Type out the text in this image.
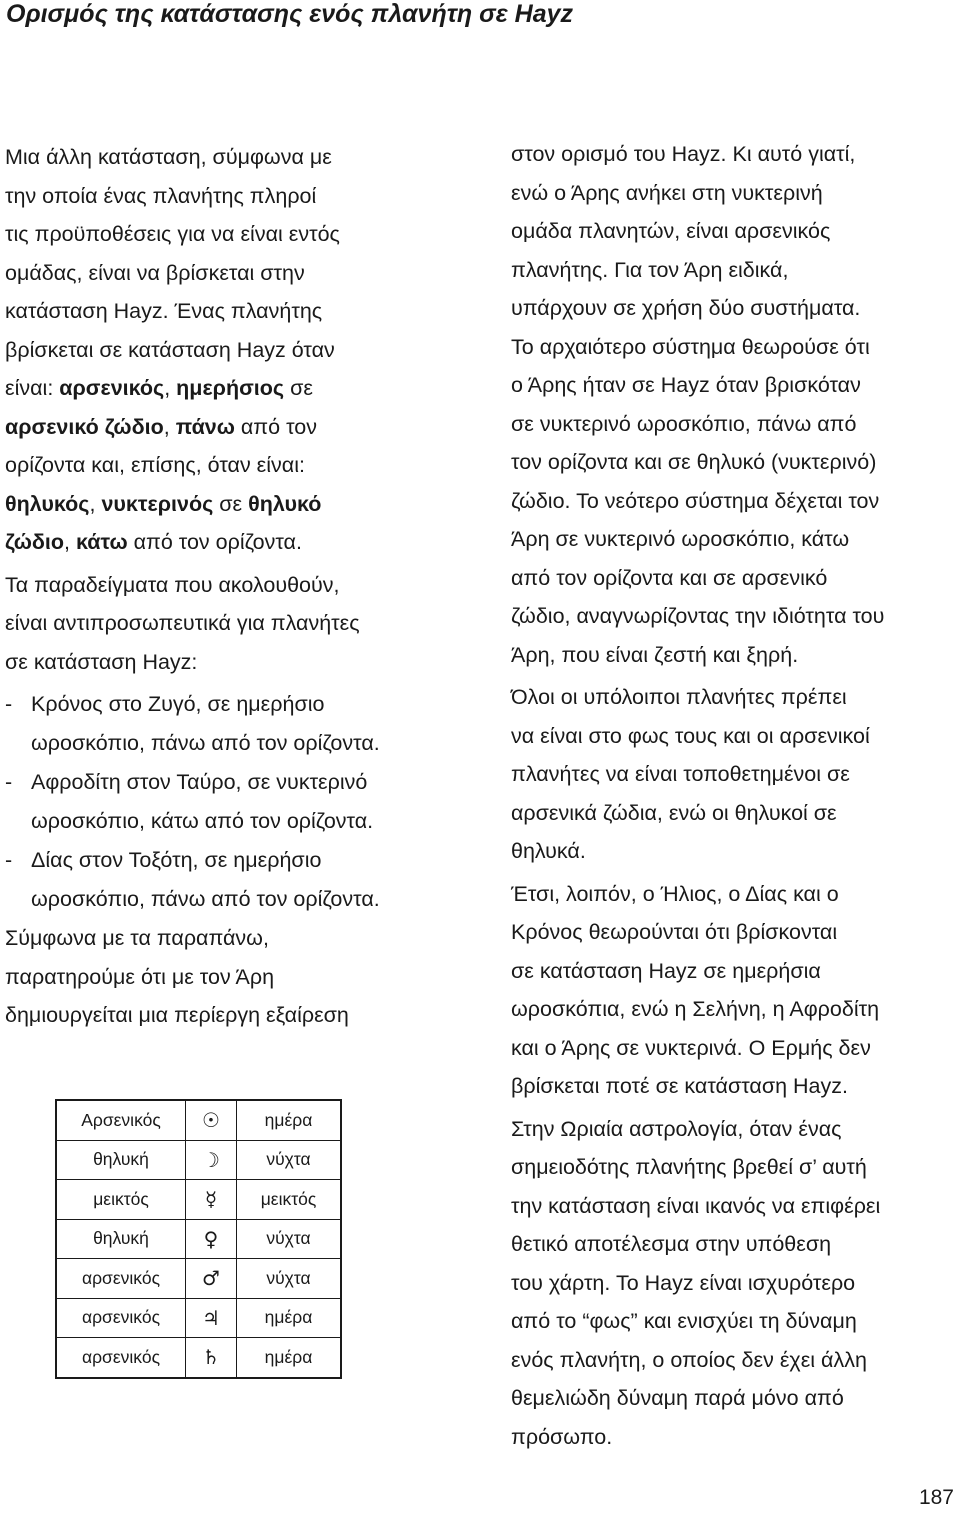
Ορισμός της κατάστασης ενός πλανήτη σε Hayz

Μια άλλη κατάσταση, σύμφωνα με
την οποία ένας πλανήτης πληροί
τις προϋποθέσεις για να είναι εντός
ομάδας, είναι να βρίσκεται στην
κατάσταση Hayz. Ένας πλανήτης
βρίσκεται σε κατάσταση Hayz όταν
είναι: αρσενικός, ημερήσιος σε
αρσενικό ζώδιο, πάνω από τον
ορίζοντα και, επίσης, όταν είναι:
θηλυκός, νυκτερινός σε θηλυκό
ζώδιο, κάτω από τον ορίζοντα.

Τα παραδείγματα που ακολουθούν,
είναι αντιπροσωπευτικά για πλανήτες
σε κατάσταση Hayz:

- Κρόνος στο Ζυγό, σε ημερήσιο
ωροσκόπιο, πάνω από τον ορίζοντα.
- Αφροδίτη στον Ταύρο, σε νυκτερινό
ωροσκόπιο, κάτω από τον ορίζοντα.
- Δίας στον Τοξότη, σε ημερήσιο
ωροσκόπιο, πάνω από τον ορίζοντα.

Σύμφωνα με τα παραπάνω,
παρατηρούμε ότι με τον Άρη
δημιουργείται μια περίεργη εξαίρεση

Αρσενικός	☉	ημέρα
θηλυκή	☽	νύχτα
μεικτός	☿	μεικτός
θηλυκή	♀	νύχτα
αρσενικός	♂	νύχτα
αρσενικός	♃	ημέρα
αρσενικός	♄	ημέρα

στον ορισμό του Hayz. Κι αυτό γιατί,
ενώ ο Άρης ανήκει στη νυκτερινή
ομάδα πλανητών, είναι αρσενικός
πλανήτης. Για τον Άρη ειδικά,
υπάρχουν σε χρήση δύο συστήματα.
Το αρχαιότερο σύστημα θεωρούσε ότι
ο Άρης ήταν σε Hayz όταν βρισκόταν
σε νυκτερινό ωροσκόπιο, πάνω από
τον ορίζοντα και σε θηλυκό (νυκτερινό)
ζώδιο. Το νεότερο σύστημα δέχεται τον
Άρη σε νυκτερινό ωροσκόπιο, κάτω
από τον ορίζοντα και σε αρσενικό
ζώδιο, αναγνωρίζοντας την ιδιότητα του
Άρη, που είναι ζεστή και ξηρή.

Όλοι οι υπόλοιποι πλανήτες πρέπει
να είναι στο φως τους και οι αρσενικοί
πλανήτες να είναι τοποθετημένοι σε
αρσενικά ζώδια, ενώ οι θηλυκοί σε
θηλυκά.

Έτσι, λοιπόν, ο Ήλιος, ο Δίας και ο
Κρόνος θεωρούνται ότι βρίσκονται
σε κατάσταση Hayz σε ημερήσια
ωροσκόπια, ενώ η Σελήνη, η Αφροδίτη
και ο Άρης σε νυκτερινά. Ο Ερμής δεν
βρίσκεται ποτέ σε κατάσταση Hayz.

Στην Ωριαία αστρολογία, όταν ένας
σημειοδότης πλανήτης βρεθεί σ’ αυτή
την κατάσταση είναι ικανός να επιφέρει
θετικό αποτέλεσμα στην υπόθεση
του χάρτη. Το Hayz είναι ισχυρότερο
από το “φως” και ενισχύει τη δύναμη
ενός πλανήτη, ο οποίος δεν έχει άλλη
θεμελιώδη δύναμη παρά μόνο από
πρόσωπο.

187
